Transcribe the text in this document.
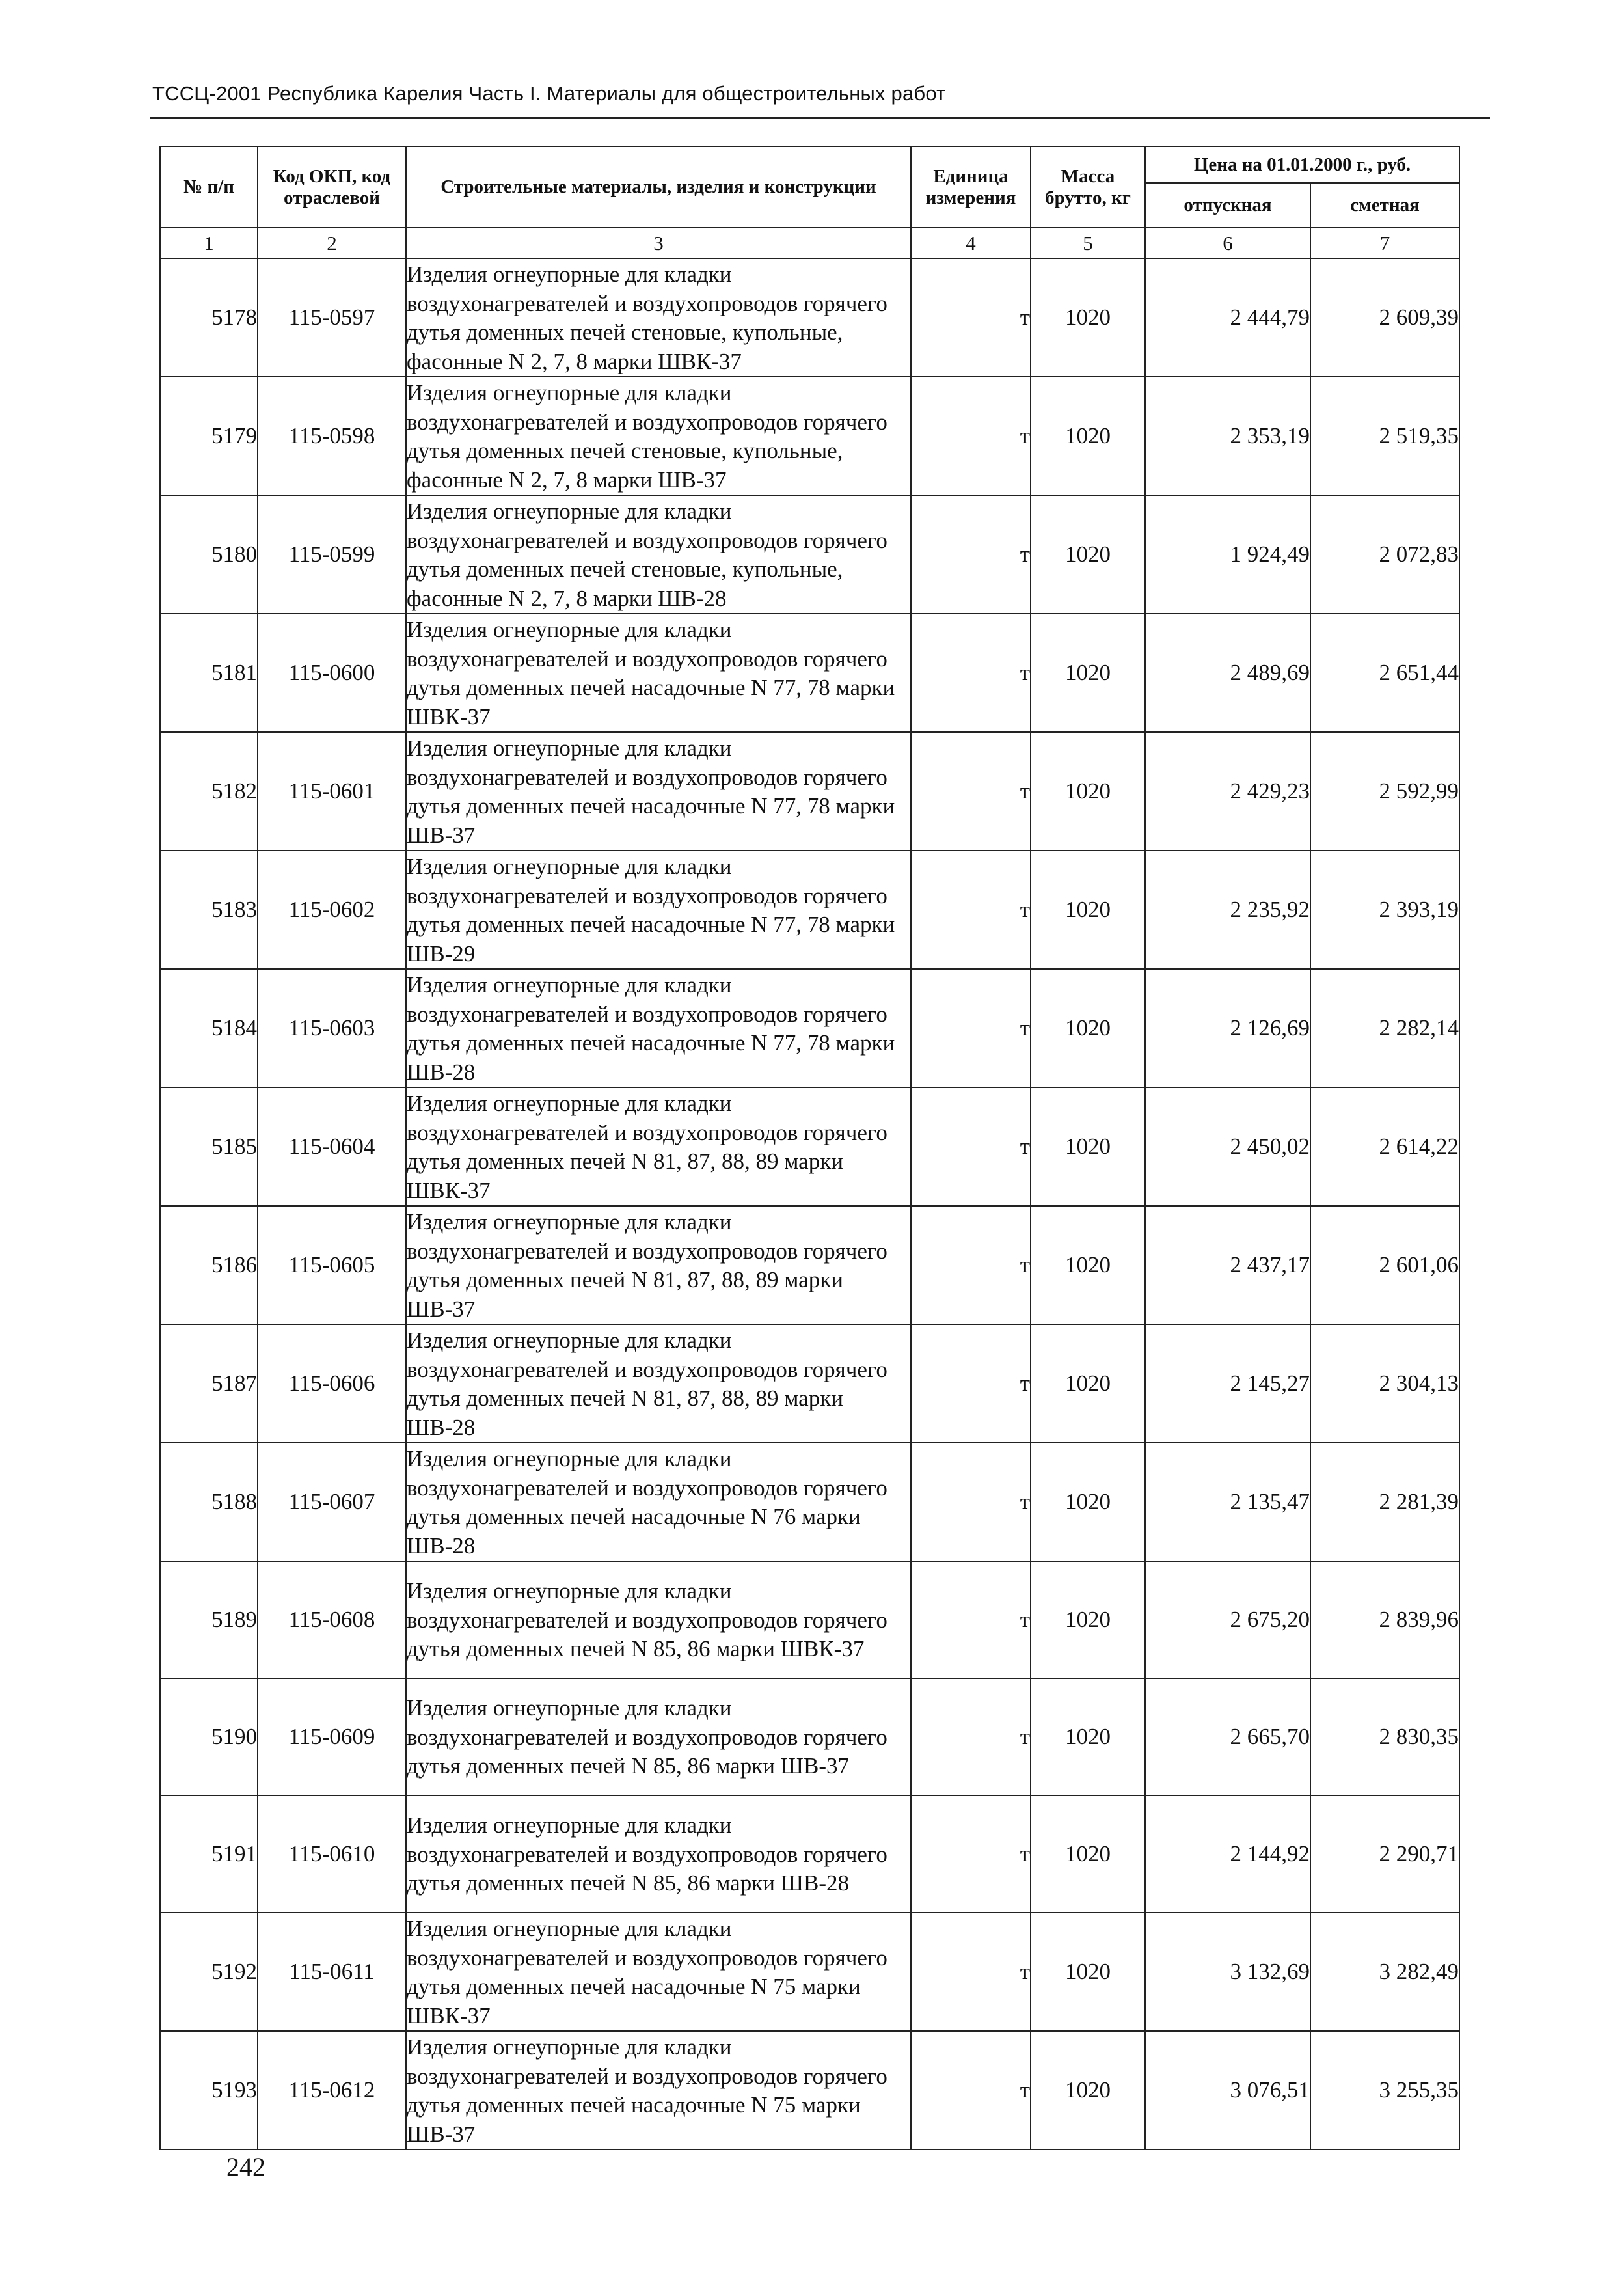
ТССЦ-2001 Республика Карелия Часть I. Материалы для общестроительных работ
№ п/п	Код ОКП, код отраслевой	Строительные материалы, изделия и конструкции	Единица измерения	Масса брутто, кг	Цена на 01.01.2000 г., руб.	
					отпускная	сметная
1	2	3	4	5	6	7
5178	115-0597	Изделия огнеупорные для кладки воздухонагревателей и воздухопроводов горячего дутья доменных печей стеновые, купольные, фасонные N 2, 7, 8 марки ШВК-37	т	1020	2 444,79	2 609,39
5179	115-0598	Изделия огнеупорные для кладки воздухонагревателей и воздухопроводов горячего дутья доменных печей стеновые, купольные, фасонные N 2, 7, 8 марки ШВ-37	т	1020	2 353,19	2 519,35
5180	115-0599	Изделия огнеупорные для кладки воздухонагревателей и воздухопроводов горячего дутья доменных печей стеновые, купольные, фасонные N 2, 7, 8 марки ШВ-28	т	1020	1 924,49	2 072,83
5181	115-0600	Изделия огнеупорные для кладки воздухонагревателей и воздухопроводов горячего дутья доменных печей насадочные N 77, 78 марки ШВК-37	т	1020	2 489,69	2 651,44
5182	115-0601	Изделия огнеупорные для кладки воздухонагревателей и воздухопроводов горячего дутья доменных печей насадочные N 77, 78 марки ШВ-37	т	1020	2 429,23	2 592,99
5183	115-0602	Изделия огнеупорные для кладки воздухонагревателей и воздухопроводов горячего дутья доменных печей насадочные N 77, 78 марки ШВ-29	т	1020	2 235,92	2 393,19
5184	115-0603	Изделия огнеупорные для кладки воздухонагревателей и воздухопроводов горячего дутья доменных печей насадочные N 77, 78 марки ШВ-28	т	1020	2 126,69	2 282,14
5185	115-0604	Изделия огнеупорные для кладки воздухонагревателей и воздухопроводов горячего дутья доменных печей N 81, 87, 88, 89 марки ШВК-37	т	1020	2 450,02	2 614,22
5186	115-0605	Изделия огнеупорные для кладки воздухонагревателей и воздухопроводов горячего дутья доменных печей N 81, 87, 88, 89 марки ШВ-37	т	1020	2 437,17	2 601,06
5187	115-0606	Изделия огнеупорные для кладки воздухонагревателей и воздухопроводов горячего дутья доменных печей N 81, 87, 88, 89 марки ШВ-28	т	1020	2 145,27	2 304,13
5188	115-0607	Изделия огнеупорные для кладки воздухонагревателей и воздухопроводов горячего дутья доменных печей насадочные N 76 марки ШВ-28	т	1020	2 135,47	2 281,39
5189	115-0608	Изделия огнеупорные для кладки воздухонагревателей и воздухопроводов горячего дутья доменных печей N 85, 86 марки ШВК-37	т	1020	2 675,20	2 839,96
5190	115-0609	Изделия огнеупорные для кладки воздухонагревателей и воздухопроводов горячего дутья доменных печей N 85, 86 марки ШВ-37	т	1020	2 665,70	2 830,35
5191	115-0610	Изделия огнеупорные для кладки воздухонагревателей и воздухопроводов горячего дутья доменных печей N 85, 86 марки ШВ-28	т	1020	2 144,92	2 290,71
5192	115-0611	Изделия огнеупорные для кладки воздухонагревателей и воздухопроводов горячего дутья доменных печей насадочные N 75 марки ШВК-37	т	1020	3 132,69	3 282,49
5193	115-0612	Изделия огнеупорные для кладки воздухонагревателей и воздухопроводов горячего дутья доменных печей насадочные N 75 марки ШВ-37	т	1020	3 076,51	3 255,35
242
